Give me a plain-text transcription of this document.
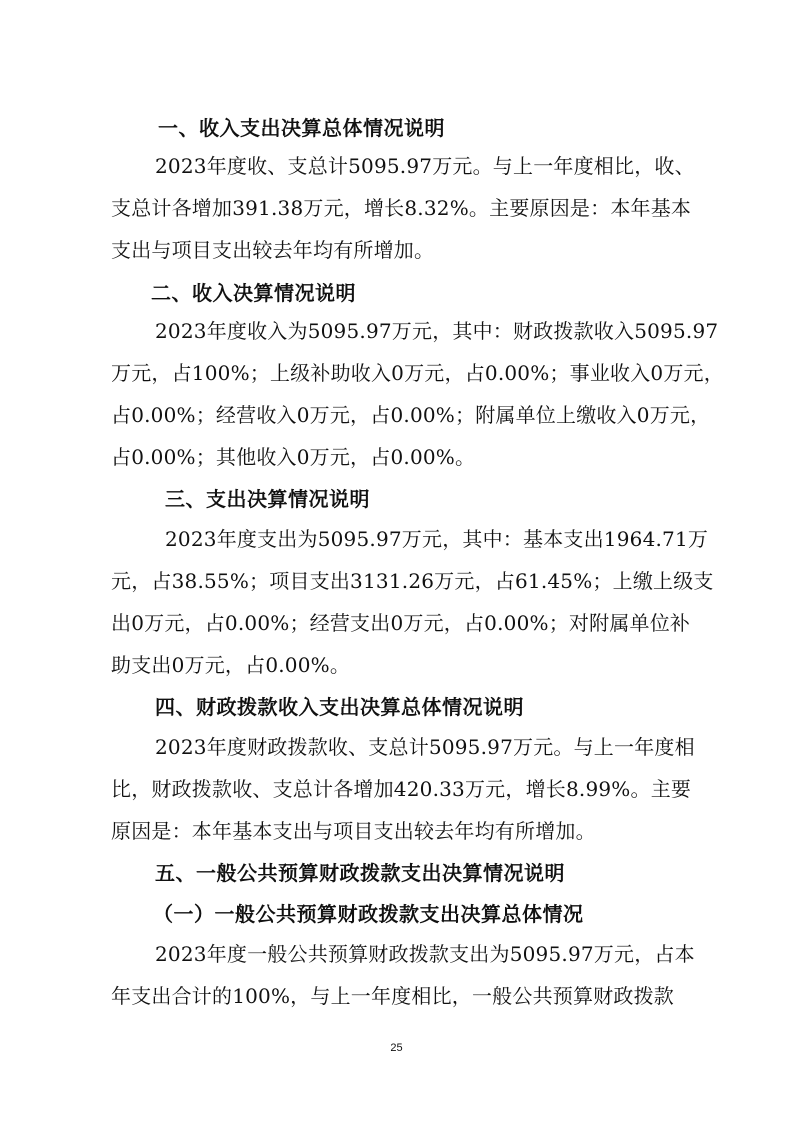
一、收入支出决算总体情况说明
2023年度收、支总计5095.97万元。与上一年度相比，收、
支总计各增加391.38万元，增长8.32%。主要原因是：本年基本
支出与项目支出较去年均有所增加。
二、收入决算情况说明
2023年度收入为5095.97万元，其中：财政拨款收入5095.97
万元，占100%；上级补助收入0万元，占0.00%；事业收入0万元，
占0.00%；经营收入0万元，占0.00%；附属单位上缴收入0万元，
占0.00%；其他收入0万元，占0.00%。
三、支出决算情况说明
2023年度支出为5095.97万元，其中：基本支出1964.71万
元，占38.55%；项目支出3131.26万元，占61.45%；上缴上级支
出0万元，占0.00%；经营支出0万元，占0.00%；对附属单位补
助支出0万元，占0.00%。
四、财政拨款收入支出决算总体情况说明
2023年度财政拨款收、支总计5095.97万元。与上一年度相
比，财政拨款收、支总计各增加420.33万元，增长8.99%。主要
原因是：本年基本支出与项目支出较去年均有所增加。
五、一般公共预算财政拨款支出决算情况说明
（一）一般公共预算财政拨款支出决算总体情况
2023年度一般公共预算财政拨款支出为5095.97万元，占本
年支出合计的100%，与上一年度相比，一般公共预算财政拨款
25
